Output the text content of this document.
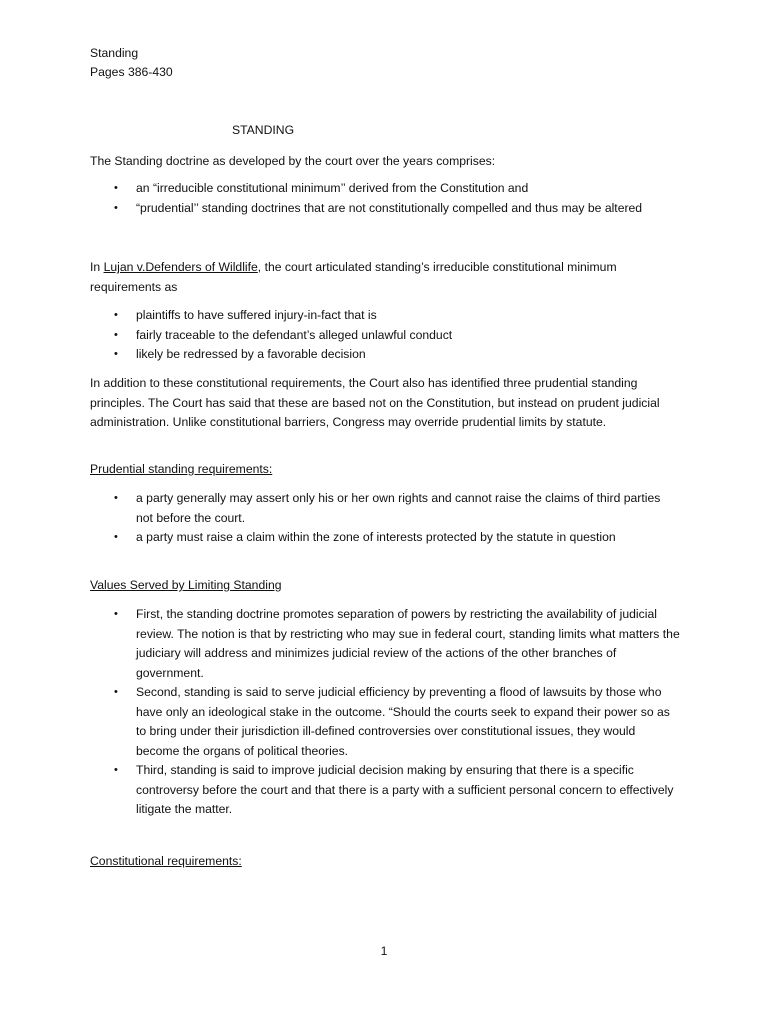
Standing
Pages 386-430
STANDING

The Standing doctrine as developed by the court over the years comprises:

• an “irreducible constitutional minimum’’ derived from the Constitution and
• “prudential’’ standing doctrines that are not constitutionally compelled and thus may be altered

In Lujan v.Defenders of Wildlife, the court articulated standing’s irreducible constitutional minimum requirements as

• plaintiffs to have suffered injury-in-fact that is
• fairly traceable to the defendant’s alleged unlawful conduct
• likely be redressed by a favorable decision

In addition to these constitutional requirements, the Court also has identified three prudential standing principles. The Court has said that these are based not on the Constitution, but instead on prudent judicial administration. Unlike constitutional barriers, Congress may override prudential limits by statute.

Prudential standing requirements:

• a party generally may assert only his or her own rights and cannot raise the claims of third parties not before the court.
• a party must raise a claim within the zone of interests protected by the statute in question

Values Served by Limiting Standing

• First, the standing doctrine promotes separation of powers by restricting the availability of judicial review. The notion is that by restricting who may sue in federal court, standing limits what matters the judiciary will address and minimizes judicial review of the actions of the other branches of government.
• Second, standing is said to serve judicial efficiency by preventing a flood of lawsuits by those who have only an ideological stake in the outcome. “Should the courts seek to expand their power so as to bring under their jurisdiction ill-defined controversies over constitutional issues, they would become the organs of political theories.
• Third, standing is said to improve judicial decision making by ensuring that there is a specific controversy before the court and that there is a party with a sufficient personal concern to effectively litigate the matter.

Constitutional requirements:

1
